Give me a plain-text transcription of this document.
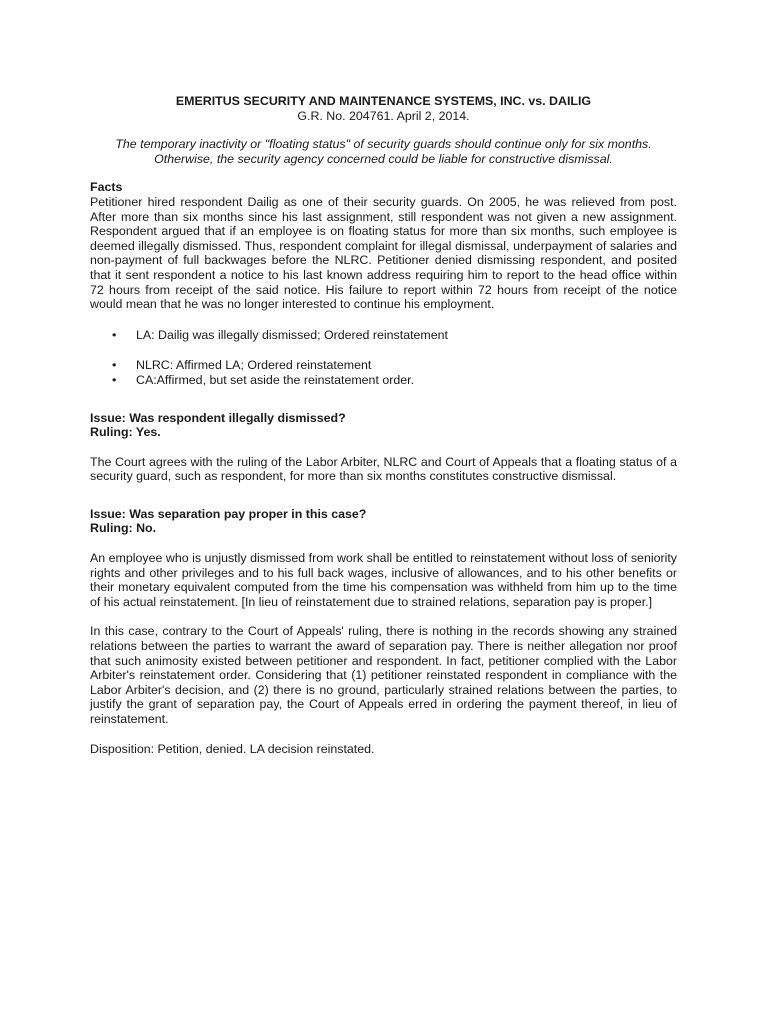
EMERITUS SECURITY AND MAINTENANCE SYSTEMS, INC. vs. DAILIG
G.R. No. 204761. April 2, 2014.
The temporary inactivity or "floating status" of security guards should continue only for six months.
Otherwise, the security agency concerned could be liable for constructive dismissal.
Facts

Petitioner hired respondent Dailig as one of their security guards. On 2005, he was relieved from post. After more than six months since his last assignment, still respondent was not given a new assignment. Respondent argued that if an employee is on floating status for more than six months, such employee is deemed illegally dismissed. Thus, respondent complaint for illegal dismissal, underpayment of salaries and non-payment of full backwages before the NLRC. Petitioner denied dismissing respondent, and posited that it sent respondent a notice to his last known address requiring him to report to the head office within 72 hours from receipt of the said notice. His failure to report within 72 hours from receipt of the notice would mean that he was no longer interested to continue his employment.

• LA: Dailig was illegally dismissed; Ordered reinstatement
• NLRC: Affirmed LA; Ordered reinstatement
• CA:Affirmed, but set aside the reinstatement order.
Issue: Was respondent illegally dismissed?
Ruling: Yes.

The Court agrees with the ruling of the Labor Arbiter, NLRC and Court of Appeals that a floating status of a security guard, such as respondent, for more than six months constitutes constructive dismissal.

Issue: Was separation pay proper in this case?
Ruling: No.

An employee who is unjustly dismissed from work shall be entitled to reinstatement without loss of seniority rights and other privileges and to his full back wages, inclusive of allowances, and to his other benefits or their monetary equivalent computed from the time his compensation was withheld from him up to the time of his actual reinstatement. [In lieu of reinstatement due to strained relations, separation pay is proper.]

In this case, contrary to the Court of Appeals' ruling, there is nothing in the records showing any strained relations between the parties to warrant the award of separation pay. There is neither allegation nor proof that such animosity existed between petitioner and respondent. In fact, petitioner complied with the Labor Arbiter's reinstatement order. Considering that (1) petitioner reinstated respondent in compliance with the Labor Arbiter's decision, and (2) there is no ground, particularly strained relations between the parties, to justify the grant of separation pay, the Court of Appeals erred in ordering the payment thereof, in lieu of reinstatement.

Disposition: Petition, denied. LA decision reinstated.
